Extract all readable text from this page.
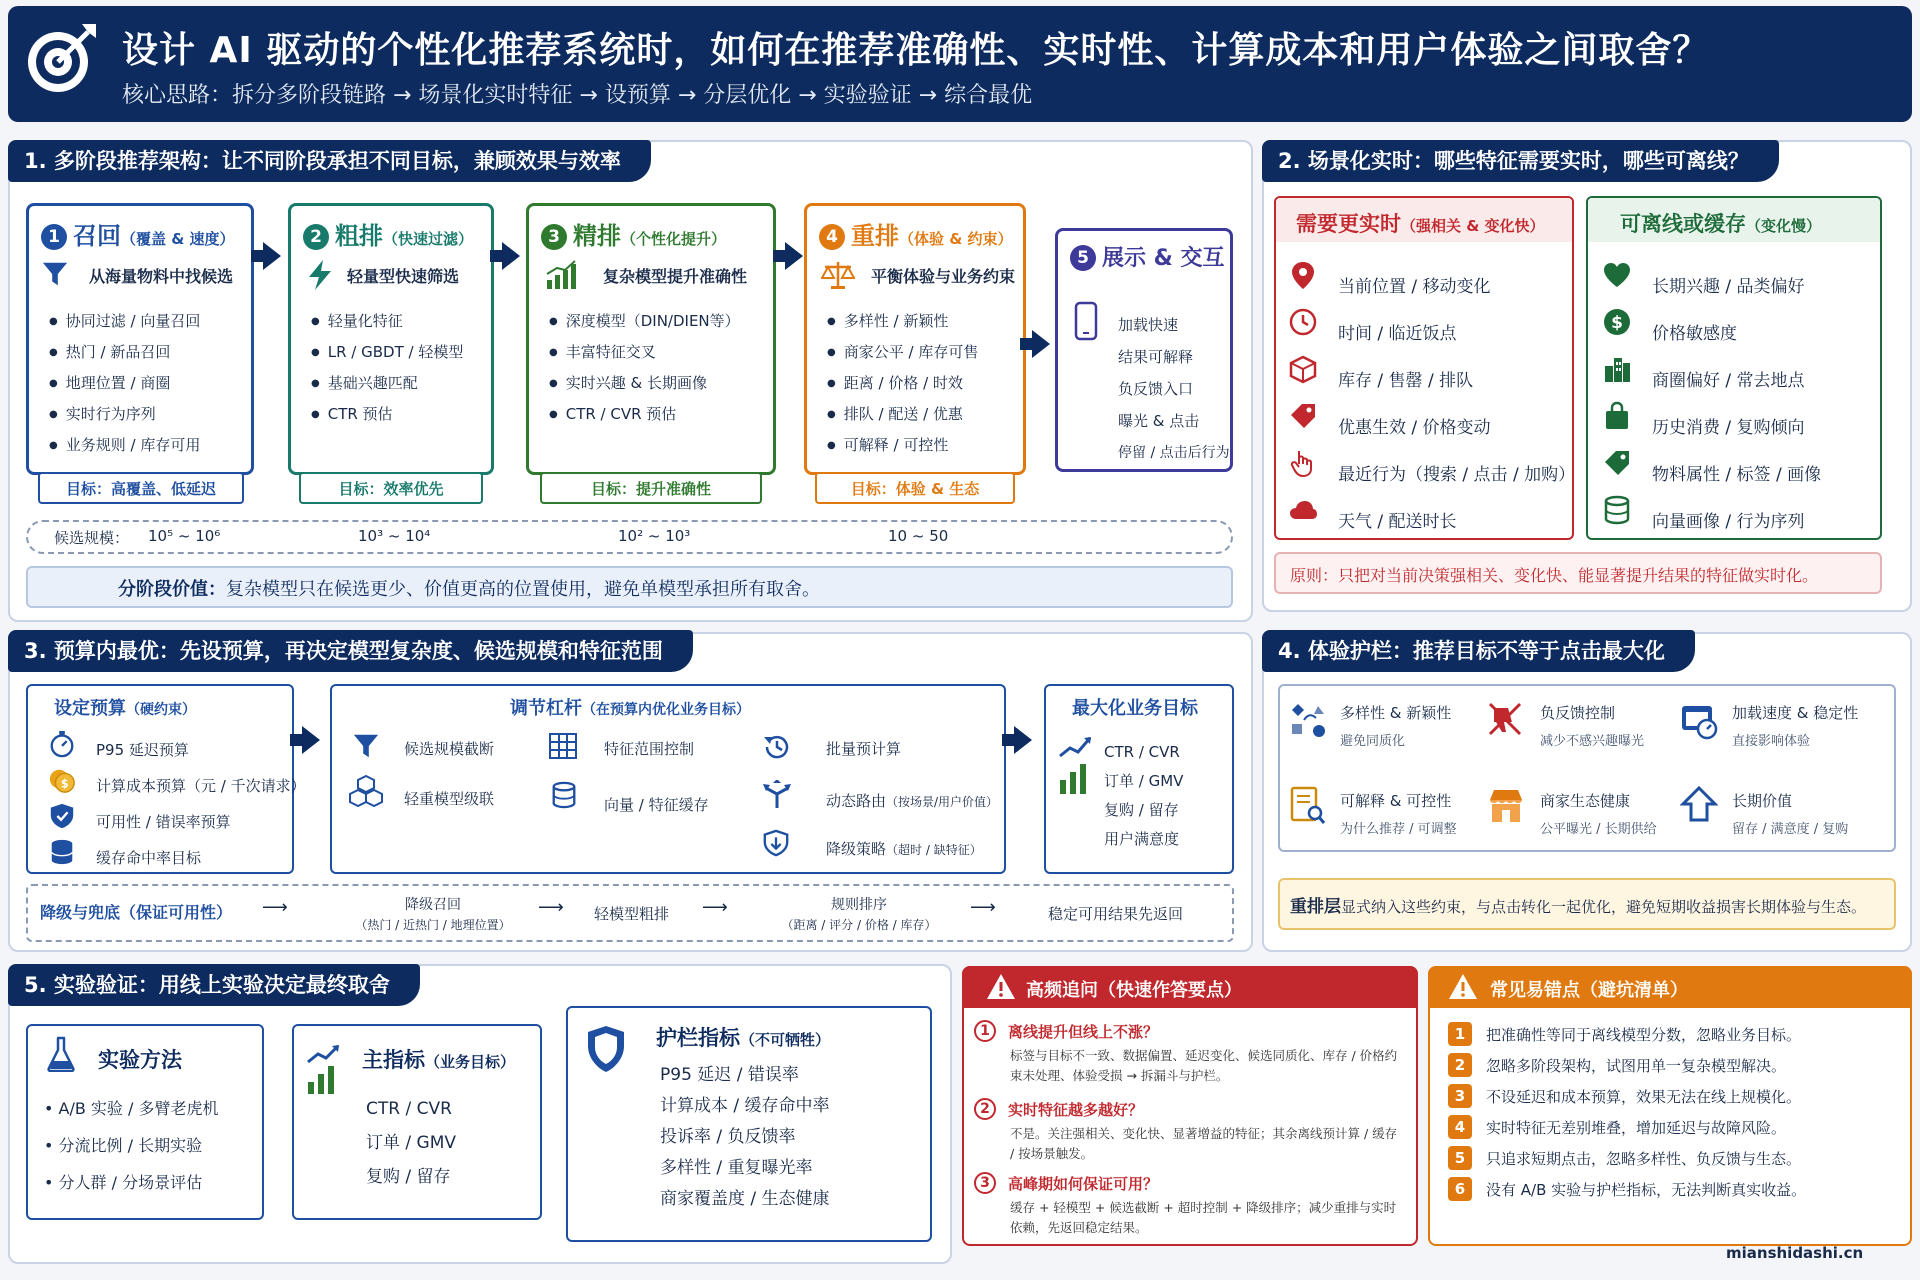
设计 AI 驱动的个性化推荐系统时，如何在推荐准确性、实时性、计算成本和用户体验之间取舍？
核心思路：拆分多阶段链路 → 场景化实时特征 → 设预算 → 分层优化 → 实验验证 → 综合最优
1. 多阶段推荐架构：让不同阶段承担不同目标，兼顾效果与效率
1 召回（覆盖 & 速度）
从海量物料中找候选
● 协同过滤 / 向量召回
● 热门 / 新品召回
● 地理位置 / 商圈
● 实时行为序列
● 业务规则 / 库存可用
目标：高覆盖、低延迟
2 粗排（快速过滤）
轻量型快速筛选
● 轻量化特征
● LR / GBDT / 轻模型
● 基础兴趣匹配
● CTR 预估
目标：效率优先
3 精排（个性化提升）
复杂模型提升准确性
● 深度模型（DIN/DIEN等）
● 丰富特征交叉
● 实时兴趣 & 长期画像
● CTR / CVR 预估
目标：提升准确性
4 重排（体验 & 约束）
平衡体验与业务约束
● 多样性 / 新颖性
● 商家公平 / 库存可售
● 距离 / 价格 / 时效
● 排队 / 配送 / 优惠
● 可解释 / 可控性
目标：体验 & 生态
5 展示 & 交互
加载快速
结果可解释
负反馈入口
曝光 & 点击
停留 / 点击后行为
候选规模： 10⁵ ~ 10⁶	10³ ~ 10⁴	10² ~ 10³	10 ~ 50
分阶段价值：复杂模型只在候选更少、价值更高的位置使用，避免单模型承担所有取舍。
2. 场景化实时：哪些特征需要实时，哪些可离线？
需要更实时（强相关 & 变化快）
当前位置 / 移动变化
时间 / 临近饭点
库存 / 售罄 / 排队
优惠生效 / 价格变动
最近行为（搜索 / 点击 / 加购）
天气 / 配送时长
可离线或缓存（变化慢）
$
长期兴趣 / 品类偏好
价格敏感度
商圈偏好 / 常去地点
历史消费 / 复购倾向
物料属性 / 标签 / 画像
向量画像 / 行为序列
原则：只把对当前决策强相关、变化快、能显著提升结果的特征做实时化。
3. 预算内最优：先设预算，再决定模型复杂度、候选规模和特征范围
设定预算（硬约束）
$
P95 延迟预算
计算成本预算（元 / 千次请求）
可用性 / 错误率预算
缓存命中率目标
调节杠杆（在预算内优化业务目标）
候选规模截断	特征范围控制	批量预计算
轻重模型级联	向量 / 特征缓存	动态路由（按场景/用户价值）
降级策略（超时 / 缺特征）
最大化业务目标
CTR / CVR
订单 / GMV
复购 / 留存
用户满意度
降级与兜底（保证可用性） ⟶	降级召回
（热门 / 近热门 / 地理位置）
⟶ 轻模型粗排 ⟶	规则排序
（距离 / 评分 / 价格 / 库存）
⟶	稳定可用结果先返回
4. 体验护栏：推荐目标不等于点击最大化
多样性 & 新颖性
避免同质化
负反馈控制
减少不感兴趣曝光
加载速度 & 稳定性
直接影响体验
可解释 & 可控性
为什么推荐 / 可调整
商家生态健康
公平曝光 / 长期供给
长期价值
留存 / 满意度 / 复购
重排层显式纳入这些约束，与点击转化一起优化，避免短期收益损害长期体验与生态。
5. 实验验证：用线上实验决定最终取舍
实验方法
• A/B 实验 / 多臂老虎机
• 分流比例 / 长期实验
• 分人群 / 分场景评估
主指标（业务目标）
CTR / CVR
订单 / GMV
复购 / 留存
护栏指标（不可牺牲）
P95 延迟 / 错误率
计算成本 / 缓存命中率
投诉率 / 负反馈率
多样性 / 重复曝光率
商家覆盖度 / 生态健康
高频追问（快速作答要点）
1	离线提升但线上不涨？
标签与目标不一致、数据偏置、延迟变化、候选同质化、库存 / 价格约束未处理、体验受损 → 拆漏斗与护栏。
2	实时特征越多越好？
不是。关注强相关、变化快、显著增益的特征；其余离线预计算 / 缓存 / 按场景触发。
3	高峰期如何保证可用？
缓存 + 轻模型 + 候选截断 + 超时控制 + 降级排序；减少重排与实时依赖，先返回稳定结果。
常见易错点（避坑清单）
1	把准确性等同于离线模型分数，忽略业务目标。
2	忽略多阶段架构，试图用单一复杂模型解决。
3	不设延迟和成本预算，效果无法在线上规模化。
4	实时特征无差别堆叠，增加延迟与故障风险。
5	只追求短期点击，忽略多样性、负反馈与生态。
6	没有 A/B 实验与护栏指标，无法判断真实收益。
mianshidashi.cn
